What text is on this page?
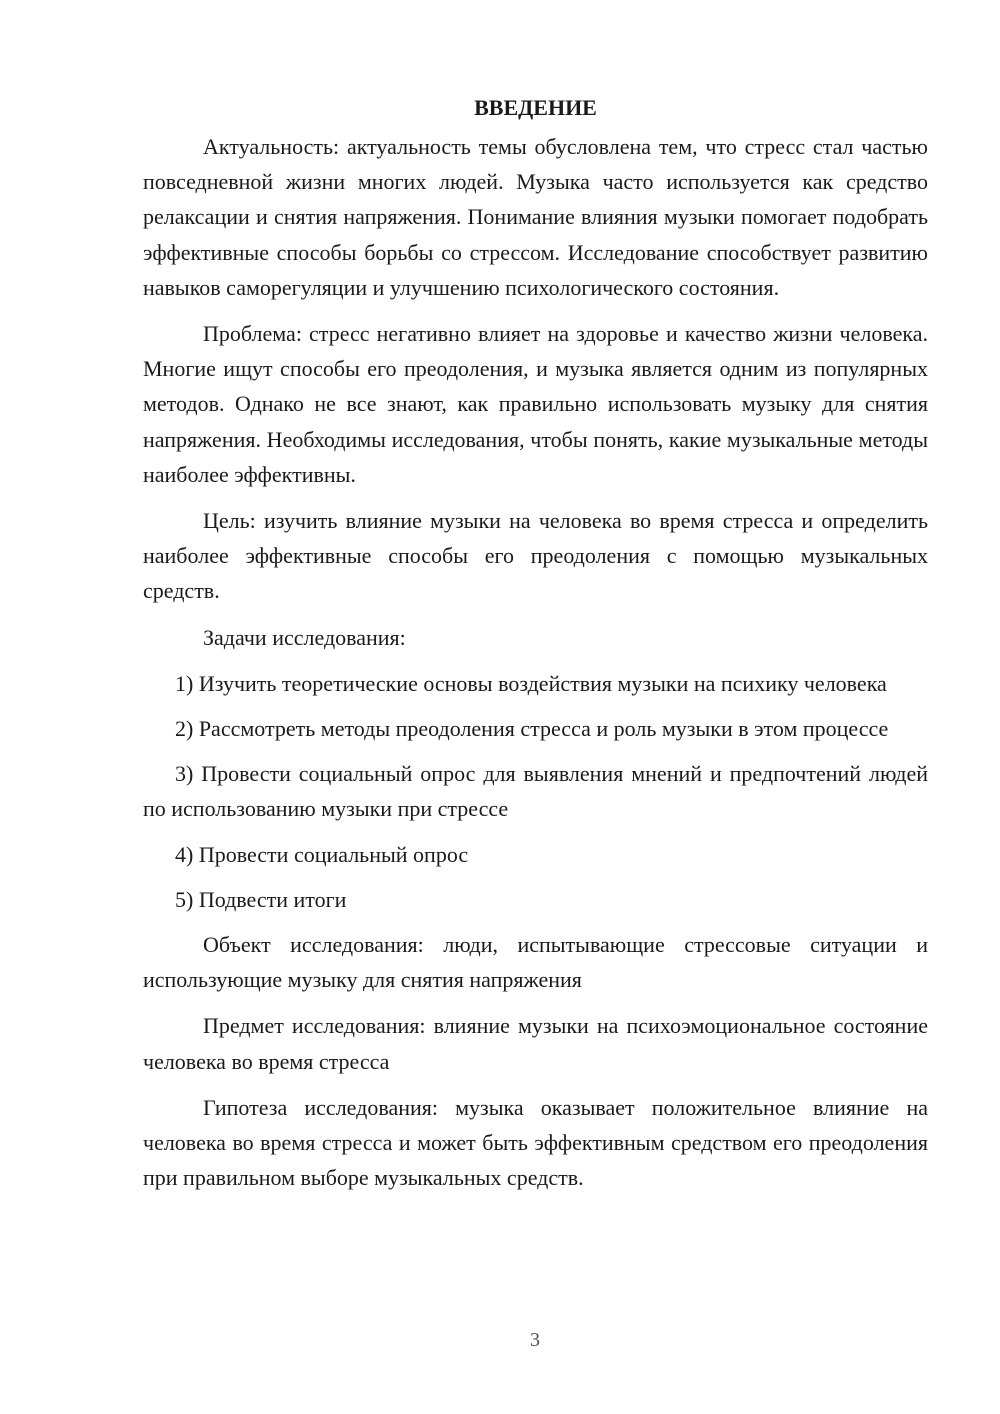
ВВЕДЕНИЕ

Актуальность: актуальность темы обусловлена тем, что стресс стал частью повседневной жизни многих людей. Музыка часто используется как средство релаксации и снятия напряжения. Понимание влияния музыки помогает подобрать эффективные способы борьбы со стрессом. Исследование способствует развитию навыков саморегуляции и улучшению психологического состояния.

Проблема: стресс негативно влияет на здоровье и качество жизни человека. Многие ищут способы его преодоления, и музыка является одним из популярных методов. Однако не все знают, как правильно использовать музыку для снятия напряжения. Необходимы исследования, чтобы понять, какие музыкальные методы наиболее эффективны.

Цель: изучить влияние музыки на человека во время стресса и определить наиболее эффективные способы его преодоления с помощью музыкальных средств.

Задачи исследования:

1) Изучить теоретические основы воздействия музыки на психику человека

2) Рассмотреть методы преодоления стресса и роль музыки в этом процессе

3) Провести социальный опрос для выявления мнений и предпочтений людей по использованию музыки при стрессе

4) Провести социальный опрос

5) Подвести итоги

Объект исследования: люди, испытывающие стрессовые ситуации и использующие музыку для снятия напряжения

Предмет исследования: влияние музыки на психоэмоциональное состояние человека во время стресса

Гипотеза исследования: музыка оказывает положительное влияние на человека во время стресса и может быть эффективным средством его преодоления при правильном выборе музыкальных средств.

3
